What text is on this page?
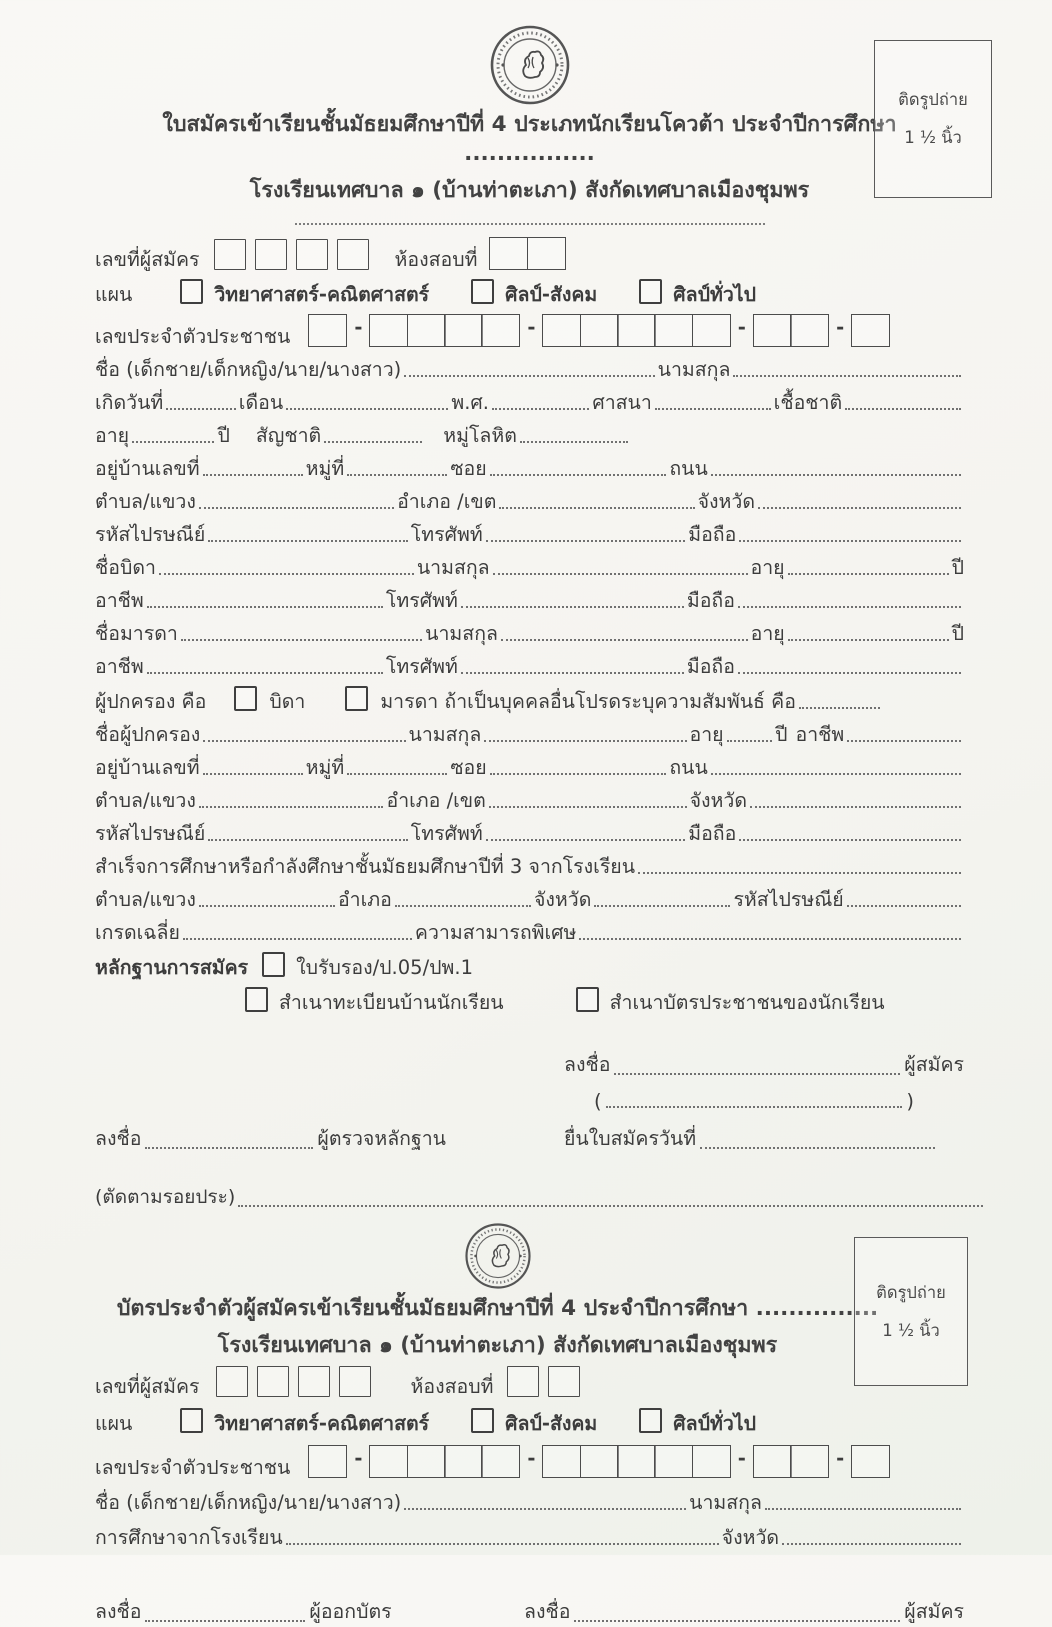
ใบสมัครเข้าเรียนชั้นมัธยมศึกษาปีที่ 4 ประเภทนักเรียนโควต้า ประจำปีการศึกษา ................
โรงเรียนเทศบาล ๑ (บ้านท่าตะเภา) สังกัดเทศบาลเมืองชุมพร
ติดรูปถ่าย
1 ½ นิ้ว
เลขที่ผู้สมัคร	ห้องสอบที่
แผน	วิทยาศาสตร์-คณิตศาสตร์	ศิลป์-สังคม	ศิลป์ทั่วไป
เลขประจำตัวประชาชน	-	-	-	-
ชื่อ (เด็กชาย/เด็กหญิง/นาย/นางสาว)	นามสกุล
เกิดวันที่	เดือน	พ.ศ.	ศาสนา	เชื้อชาติ
อายุ	ปี สัญชาติ	หมู่โลหิต
อยู่บ้านเลขที่	หมู่ที่	ซอย	ถนน
ตำบล/แขวง	อำเภอ /เขต	จังหวัด
รหัสไปรษณีย์	โทรศัพท์	มือถือ
ชื่อบิดา	นามสกุล	อายุ	ปี
อาชีพ	โทรศัพท์	มือถือ
ชื่อมารดา	นามสกุล	อายุ	ปี
อาชีพ	โทรศัพท์	มือถือ
ผู้ปกครอง คือ	บิดา	มารดา ถ้าเป็นบุคคลอื่นโปรดระบุความสัมพันธ์ คือ
ชื่อผู้ปกครอง	นามสกุล	อายุ	ปี อาชีพ
อยู่บ้านเลขที่	หมู่ที่	ซอย	ถนน
ตำบล/แขวง	อำเภอ /เขต	จังหวัด
รหัสไปรษณีย์	โทรศัพท์	มือถือ
สำเร็จการศึกษาหรือกำลังศึกษาชั้นมัธยมศึกษาปีที่ 3 จากโรงเรียน
ตำบล/แขวง	อำเภอ	จังหวัด	รหัสไปรษณีย์
เกรดเฉลี่ย	ความสามารถพิเศษ
หลักฐานการสมัคร ใบรับรอง/ป.05/ปพ.1
สำเนาทะเบียนบ้านนักเรียน	สำเนาบัตรประชาชนของนักเรียน
ลงชื่อ	ผู้ตรวจหลักฐาน
ลงชื่อ	ผู้สมัคร
(	)
ยื่นใบสมัครวันที่
(ตัดตามรอยประ)
บัตรประจำตัวผู้สมัครเข้าเรียนชั้นมัธยมศึกษาปีที่ 4 ประจำปีการศึกษา ...............
โรงเรียนเทศบาล ๑ (บ้านท่าตะเภา) สังกัดเทศบาลเมืองชุมพร
ติดรูปถ่าย
1 ½ นิ้ว
เลขที่ผู้สมัคร	ห้องสอบที่
แผน	วิทยาศาสตร์-คณิตศาสตร์	ศิลป์-สังคม	ศิลป์ทั่วไป
เลขประจำตัวประชาชน	-	-	-	-
ชื่อ (เด็กชาย/เด็กหญิง/นาย/นางสาว)	นามสกุล
การศึกษาจากโรงเรียน	จังหวัด
ลงชื่อ	ผู้ออกบัตร	ลงชื่อ	ผู้สมัคร
